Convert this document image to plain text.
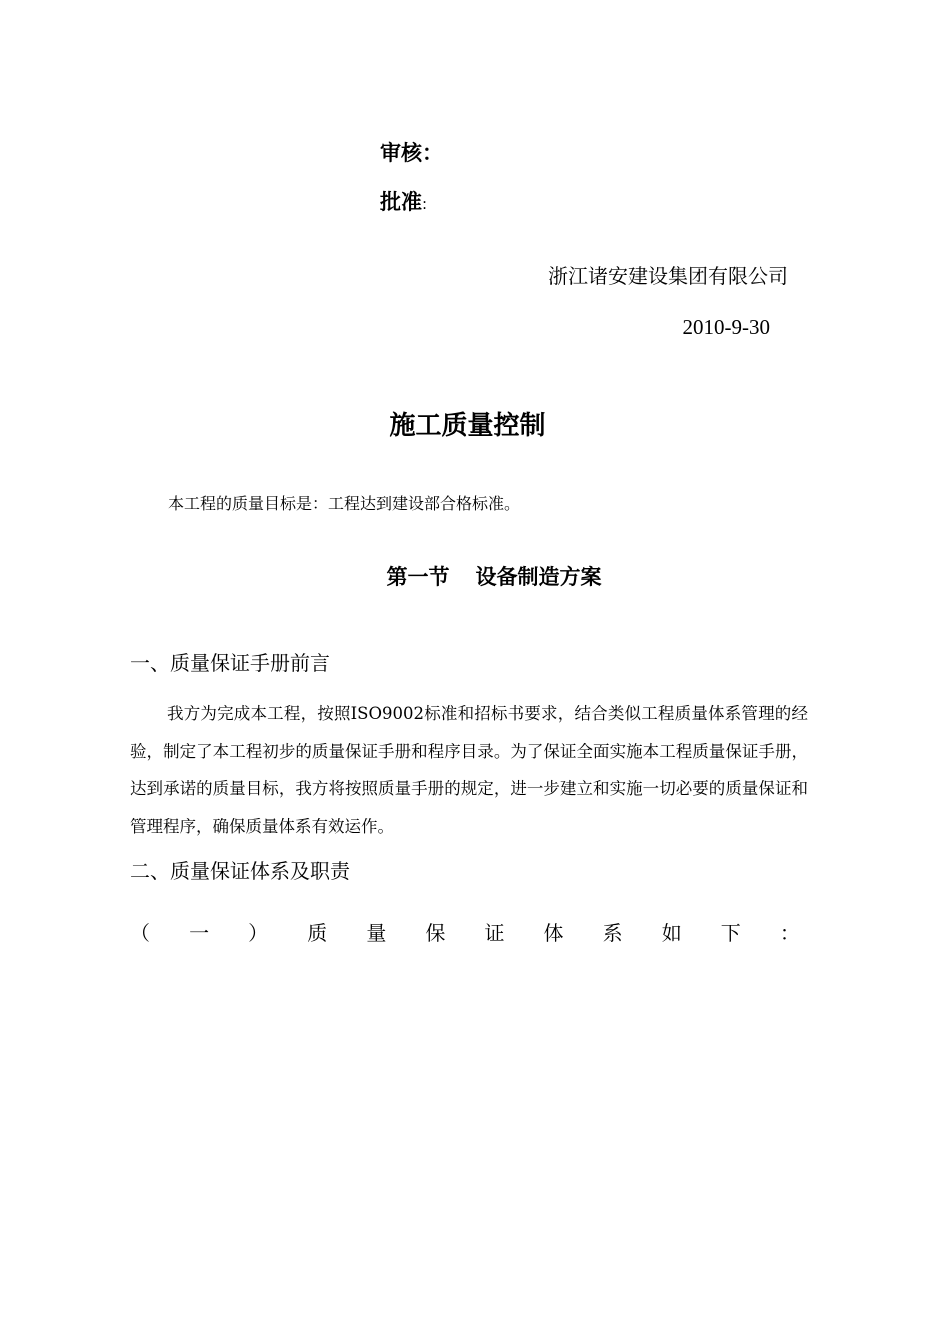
审核：
批准:
浙江诸安建设集团有限公司
2010-9-30
施工质量控制
本工程的质量目标是：工程达到建设部合格标准。
第一节 设备制造方案
一、质量保证手册前言
我方为完成本工程，按照ISO9002标准和招标书要求，结合类似工程质量体系管理的经验，制定了本工程初步的质量保证手册和程序目录。为了保证全面实施本工程质量保证手册，达到承诺的质量目标，我方将按照质量手册的规定，进一步建立和实施一切必要的质量保证和管理程序，确保质量体系有效运作。
二、质量保证体系及职责
（ 一 ） 质 量 保 证 体 系 如 下 ：
